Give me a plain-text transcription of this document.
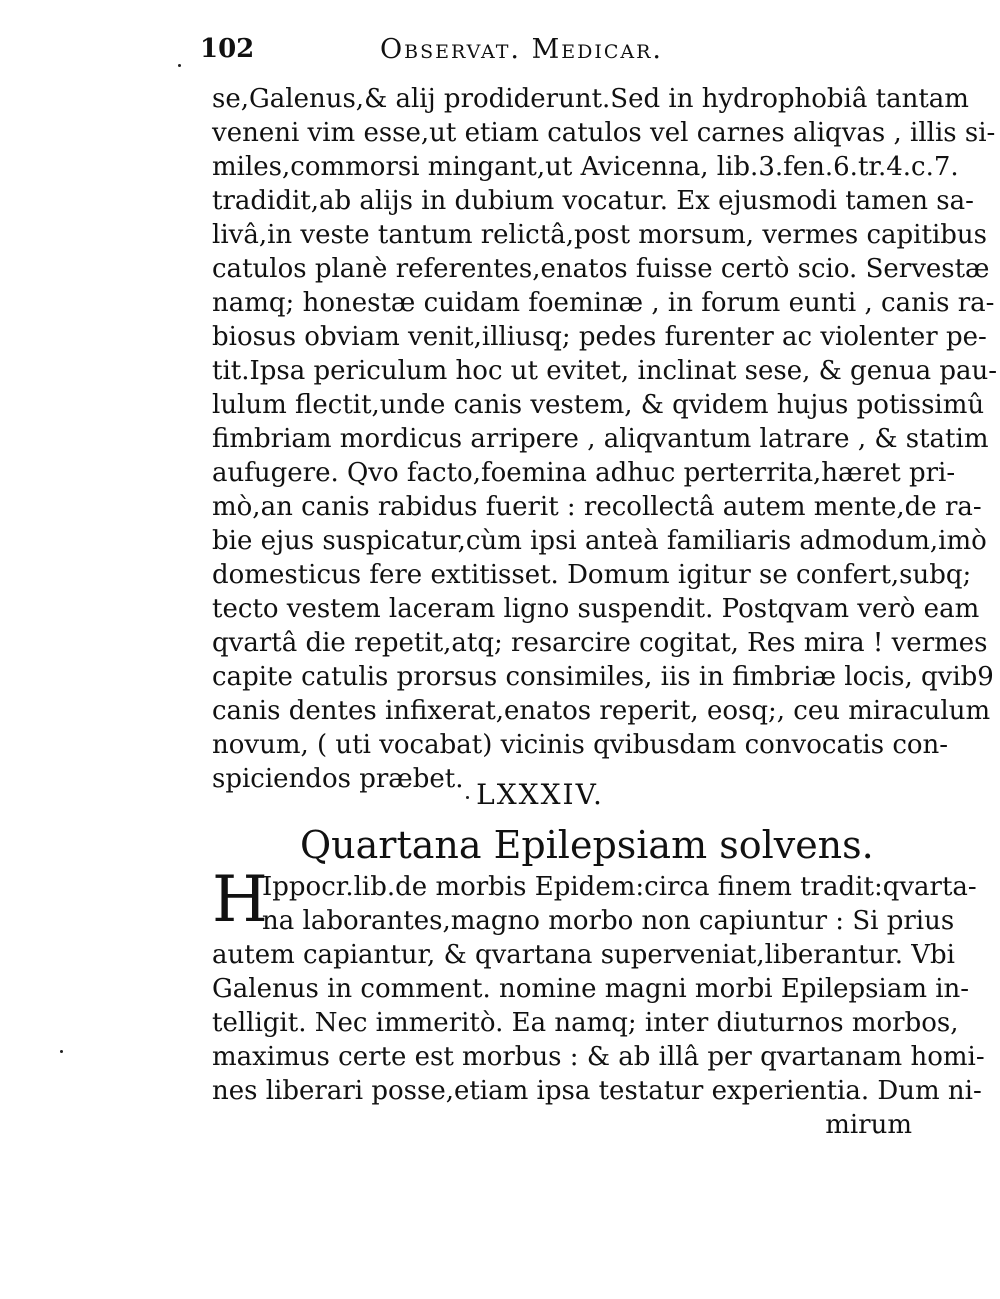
102	Observat. Medicar.
se,Galenus,& alij prodiderunt.Sed in hydrophobiâ tantam
veneni vim esse,ut etiam catulos vel carnes aliqvas , illis si-
miles,commorsi mingant,ut Avicenna, lib.3.fen.6.tr.4.c.7.
tradidit,ab alijs in dubium vocatur. Ex ejusmodi tamen sa-
livâ,in veste tantum relictâ,post morsum, vermes capitibus
catulos planè referentes,enatos fuisse certò scio. Servestæ
namq; honestæ cuidam foeminæ , in forum eunti , canis ra-
biosus obviam venit,illiusq; pedes furenter ac violenter pe-
tit.Ipsa periculum hoc ut evitet, inclinat sese, & genua pau-
lulum flectit,unde canis vestem, & qvidem hujus potissimû
fimbriam mordicus arripere , aliqvantum latrare , & statim
aufugere. Qvo facto,foemina adhuc perterrita,hæret pri-
mò,an canis rabidus fuerit : recollectâ autem mente,de ra-
bie ejus suspicatur,cùm ipsi anteà familiaris admodum,imò
domesticus fere extitisset. Domum igitur se confert,subq;
tecto vestem laceram ligno suspendit. Postqvam verò eam
qvartâ die repetit,atq; resarcire cogitat, Res mira ! vermes
capite catulis prorsus consimiles, iis in fimbriæ locis, qvib9
canis dentes infixerat,enatos reperit, eosq;, ceu miraculum
novum, ( uti vocabat) vicinis qvibusdam convocatis con-
spiciendos præbet. LXXXIV.
Quartana Epilepsiam solvens.
H
Ippocr.lib.de morbis Epidem:circa finem tradit:qvarta-
na laborantes,magno morbo non capiuntur : Si prius
autem capiantur, & qvartana superveniat,liberantur. Vbi
Galenus in comment. nomine magni morbi Epilepsiam in-
telligit. Nec immeritò. Ea namq; inter diuturnos morbos,
maximus certe est morbus : & ab illâ per qvartanam homi-
nes liberari posse,etiam ipsa testatur experientia. Dum ni-
mirum
